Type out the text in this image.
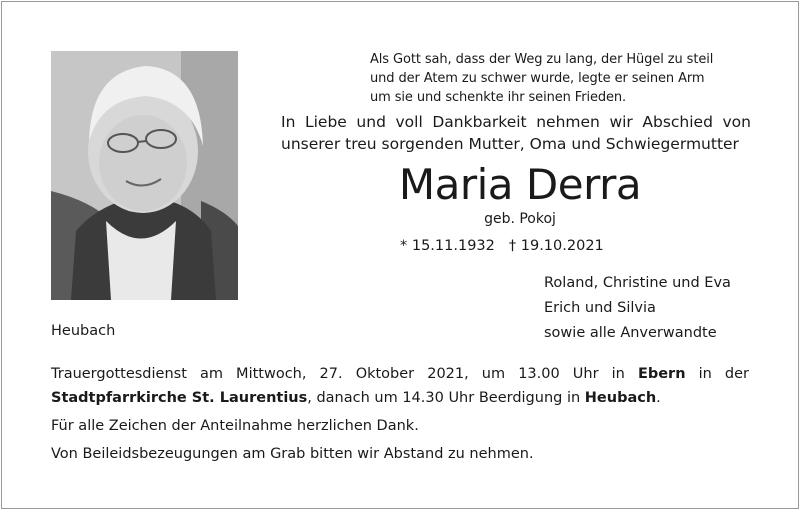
Als Gott sah, dass der Weg zu lang, der Hügel zu steil
und der Atem zu schwer wurde, legte er seinen Arm
um sie und schenkte ihr seinen Frieden.
In Liebe und voll Dankbarkeit nehmen wir Abschied von
unserer treu sorgenden Mutter, Oma und Schwiegermutter
Maria Derra
geb. Pokoj
* 15.11.1932 † 19.10.2021
Roland, Christine und Eva
Erich und Silvia
sowie alle Anverwandte
Heubach
Trauergottesdienst am Mittwoch, 27. Oktober 2021, um 13.00 Uhr in Ebern in der Stadtpfarrkirche St. Laurentius, danach um 14.30 Uhr Beerdigung in Heubach.
Für alle Zeichen der Anteilnahme herzlichen Dank.
Von Beileidsbezeugungen am Grab bitten wir Abstand zu nehmen.
